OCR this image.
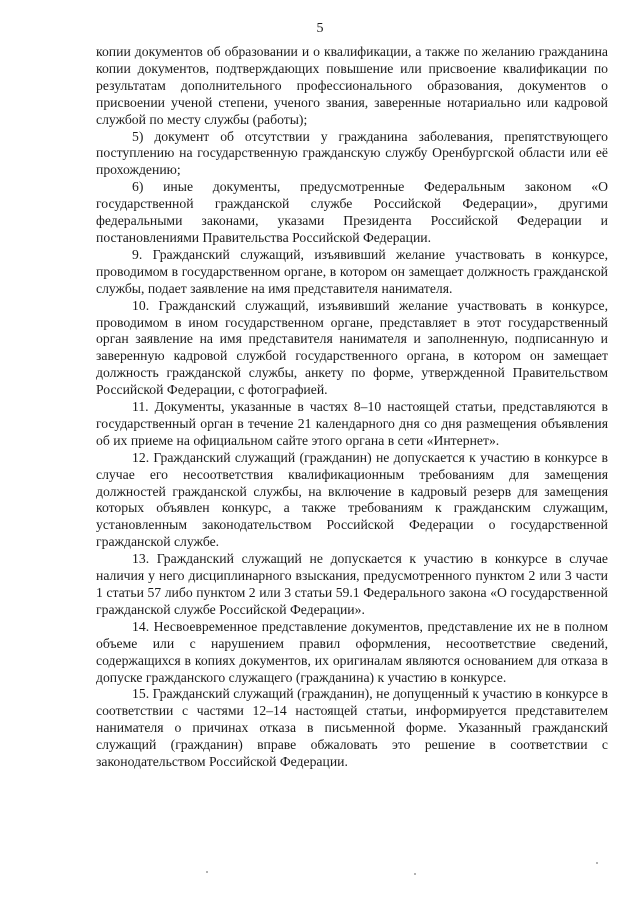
5

копии документов об образовании и о квалификации, а также по желанию гражданина копии документов, подтверждающих повышение или присвоение квалификации по результатам дополнительного профессионального образования, документов о присвоении ученой степени, ученого звания, заверенные нотариально или кадровой службой по месту службы (работы);

5) документ об отсутствии у гражданина заболевания, препятствующего поступлению на государственную гражданскую службу Оренбургской области или её прохождению;

6) иные документы, предусмотренные Федеральным законом «О государственной гражданской службе Российской Федерации», другими федеральными законами, указами Президента Российской Федерации и постановлениями Правительства Российской Федерации.

9. Гражданский служащий, изъявивший желание участвовать в конкурсе, проводимом в государственном органе, в котором он замещает должность гражданской службы, подает заявление на имя представителя нанимателя.

10. Гражданский служащий, изъявивший желание участвовать в конкурсе, проводимом в ином государственном органе, представляет в этот государственный орган заявление на имя представителя нанимателя и заполненную, подписанную и заверенную кадровой службой государственного органа, в котором он замещает должность гражданской службы, анкету по форме, утвержденной Правительством Российской Федерации, с фотографией.

11. Документы, указанные в частях 8–10 настоящей статьи, представляются в государственный орган в течение 21 календарного дня со дня размещения объявления об их приеме на официальном сайте этого органа в сети «Интернет».

12. Гражданский служащий (гражданин) не допускается к участию в конкурсе в случае его несоответствия квалификационным требованиям для замещения должностей гражданской службы, на включение в кадровый резерв для замещения которых объявлен конкурс, а также требованиям к гражданским служащим, установленным законодательством Российской Федерации о государственной гражданской службе.

13. Гражданский служащий не допускается к участию в конкурсе в случае наличия у него дисциплинарного взыскания, предусмотренного пунктом 2 или 3 части 1 статьи 57 либо пунктом 2 или 3 статьи 59.1 Федерального закона «О государственной гражданской службе Российской Федерации».

14. Несвоевременное представление документов, представление их не в полном объеме или с нарушением правил оформления, несоответствие сведений, содержащихся в копиях документов, их оригиналам являются основанием для отказа в допуске гражданского служащего (гражданина) к участию в конкурсе.

15. Гражданский служащий (гражданин), не допущенный к участию в конкурсе в соответствии с частями 12–14 настоящей статьи, информируется представителем нанимателя о причинах отказа в письменной форме. Указанный гражданский служащий (гражданин) вправе обжаловать это решение в соответствии с законодательством Российской Федерации.
